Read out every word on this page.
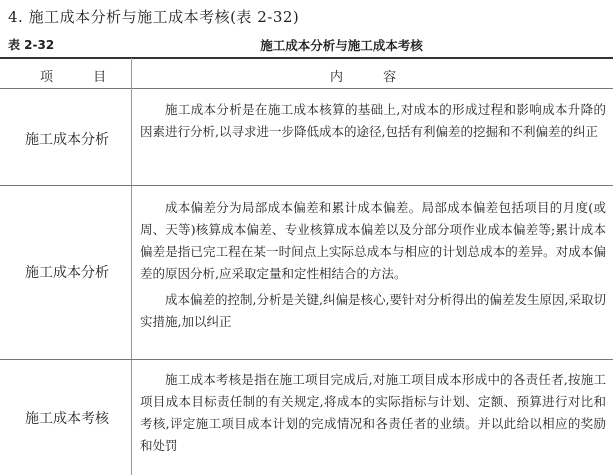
4. 施工成本分析与施工成本考核(表 2-32)
表 2-32	施工成本分析与施工成本考核
项 目	内 容
施工成本分析

施工成本分析是在施工成本核算的基础上,对成本的形成过程和影响成本升降的因素进行分析,以寻求进一步降低成本的途径,包括有利偏差的挖掘和不利偏差的纠正

施工成本分析

成本偏差分为局部成本偏差和累计成本偏差。局部成本偏差包括项目的月度(或周、天等)核算成本偏差、专业核算成本偏差以及分部分项作业成本偏差等;累计成本偏差是指已完工程在某一时间点上实际总成本与相应的计划总成本的差异。对成本偏差的原因分析,应采取定量和定性相结合的方法。

成本偏差的控制,分析是关键,纠偏是核心,要针对分析得出的偏差发生原因,采取切实措施,加以纠正

施工成本考核

施工成本考核是指在施工项目完成后,对施工项目成本形成中的各责任者,按施工项目成本目标责任制的有关规定,将成本的实际指标与计划、定额、预算进行对比和考核,评定施工项目成本计划的完成情况和各责任者的业绩。并以此给以相应的奖励和处罚
